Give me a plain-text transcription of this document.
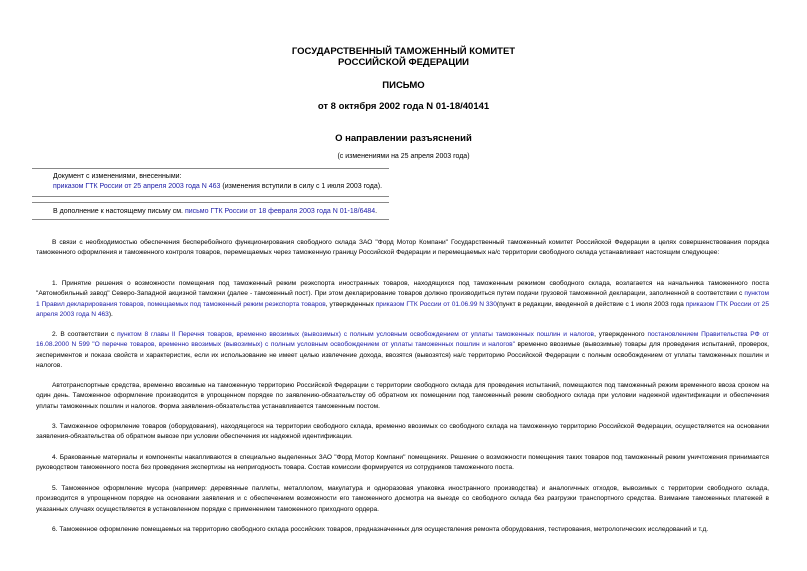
ГОСУДАРСТВЕННЫЙ ТАМОЖЕННЫЙ КОМИТЕТ
РОССИЙСКОЙ ФЕДЕРАЦИИ
ПИСЬМО
от 8 октября 2002 года N 01-18/40141
О направлении разъяснений
(с изменениями на 25 апреля 2003 года)
Документ с изменениями, внесенными:
приказом ГТК России от 25 апреля 2003 года N 463 (изменения вступили в силу с 1 июля 2003 года).
В дополнение к настоящему письму см. письмо ГТК России от 18 февраля 2003 года N 01-18/6484.
В связи с необходимостью обеспечения бесперебойного функционирования свободного склада ЗАО "Форд Мотор Компани" Государственный таможенный комитет Российской Федерации в целях совершенствования порядка таможенного оформления и таможенного контроля товаров, перемещаемых через таможенную границу Российской Федерации и перемещаемых на/с территории свободного склада устанавливает настоящим следующее:
1. Принятие решения о возможности помещения под таможенный режим реэкспорта иностранных товаров, находящихся под таможенным режимом свободного склада, возлагается на начальника таможенного поста "Автомобильный завод" Северо-Западной акцизной таможни (далее - таможенный пост). При этом декларирование товаров должно производиться путем подачи грузовой таможенной декларации, заполненной в соответствии с пунктом 1 Правил декларирования товаров, помещаемых под таможенный режим реэкспорта товаров, утвержденных приказом ГТК России от 01.06.99 N 330(пункт в редакции, введенной в действие с 1 июля 2003 года приказом ГТК России от 25 апреля 2003 года N 463).
2. В соответствии с пунктом 8 главы II Перечня товаров, временно ввозимых (вывозимых) с полным условным освобождением от уплаты таможенных пошлин и налогов, утвержденного постановлением Правительства РФ от 16.08.2000 N 599 "О перечне товаров, временно ввозимых (вывозимых) с полным условным освобождением от уплаты таможенных пошлин и налогов" временно ввозимые (вывозимые) товары для проведения испытаний, проверок, экспериментов и показа свойств и характеристик, если их использование не имеет целью извлечение дохода, ввозятся (вывозятся) на/с территорию Российской Федерации с полным освобождением от уплаты таможенных пошлин и налогов.
Автотранспортные средства, временно ввозимые на таможенную территорию Российской Федерации с территории свободного склада для проведения испытаний, помещаются под таможенный режим временного ввоза сроком на один день. Таможенное оформление производится в упрощенном порядке по заявлению-обязательству об обратном их помещении под таможенный режим свободного склада при условии надежной идентификации и обеспечения уплаты таможенных пошлин и налогов. Форма заявления-обязательства устанавливается таможенным постом.
3. Таможенное оформление товаров (оборудования), находящегося на территории свободного склада, временно ввозимых со свободного склада на таможенную территорию Российской Федерации, осуществляется на основании заявления-обязательства об обратном вывозе при условии обеспечения их надежной идентификации.
4. Бракованные материалы и компоненты накапливаются в специально выделенных ЗАО "Форд Мотор Компани" помещениях. Решение о возможности помещения таких товаров под таможенный режим уничтожения принимается руководством таможенного поста без проведения экспертизы на непригодность товара. Состав комиссии формируется из сотрудников таможенного поста.
5. Таможенное оформление мусора (например: деревянные паллеты, металлолом, макулатура и одноразовая упаковка иностранного производства) и аналогичных отходов, вывозимых с территории свободного склада, производится в упрощенном порядке на основании заявления и с обеспечением возможности его таможенного досмотра на выезде со свободного склада без разгрузки транспортного средства. Взимание таможенных платежей в указанных случаях осуществляется в установленном порядке с применением таможенного приходного ордера.
6. Таможенное оформление помещаемых на территорию свободного склада российских товаров, предназначенных для осуществления ремонта оборудования, тестирования, метрологических исследований и т.д.
